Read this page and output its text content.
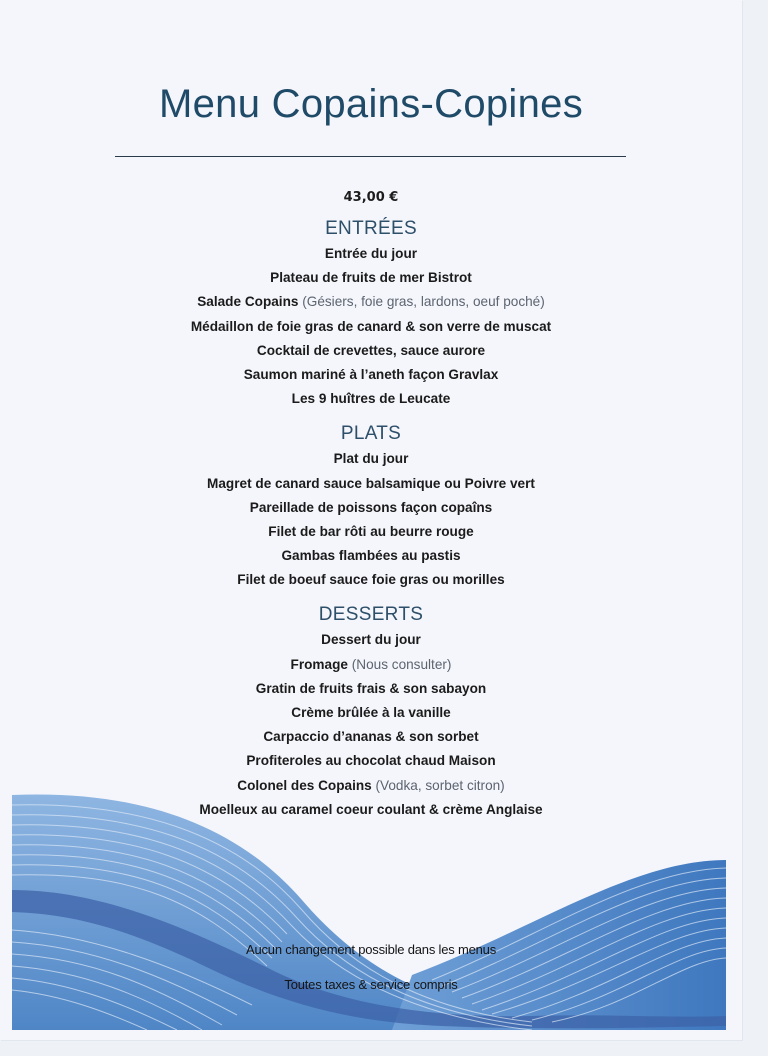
Menu Copains-Copines
43,00 €
ENTRÉES
Entrée du jour
Plateau de fruits de mer Bistrot
Salade Copains (Gésiers, foie gras, lardons, oeuf poché)
Médaillon de foie gras de canard & son verre de muscat
Cocktail de crevettes, sauce aurore
Saumon mariné à l’aneth façon Gravlax
Les 9 huîtres de Leucate
PLATS
Plat du jour
Magret de canard sauce balsamique ou Poivre vert
Pareillade de poissons façon copaîns
Filet de bar rôti au beurre rouge
Gambas flambées au pastis
Filet de boeuf sauce foie gras ou morilles
DESSERTS
Dessert du jour
Fromage (Nous consulter)
Gratin de fruits frais & son sabayon
Crème brûlée à la vanille
Carpaccio d’ananas & son sorbet
Profiteroles au chocolat chaud Maison
Colonel des Copains (Vodka, sorbet citron)
Moelleux au caramel coeur coulant & crème Anglaise
Aucun changement possible dans les menus
Toutes taxes & service compris
